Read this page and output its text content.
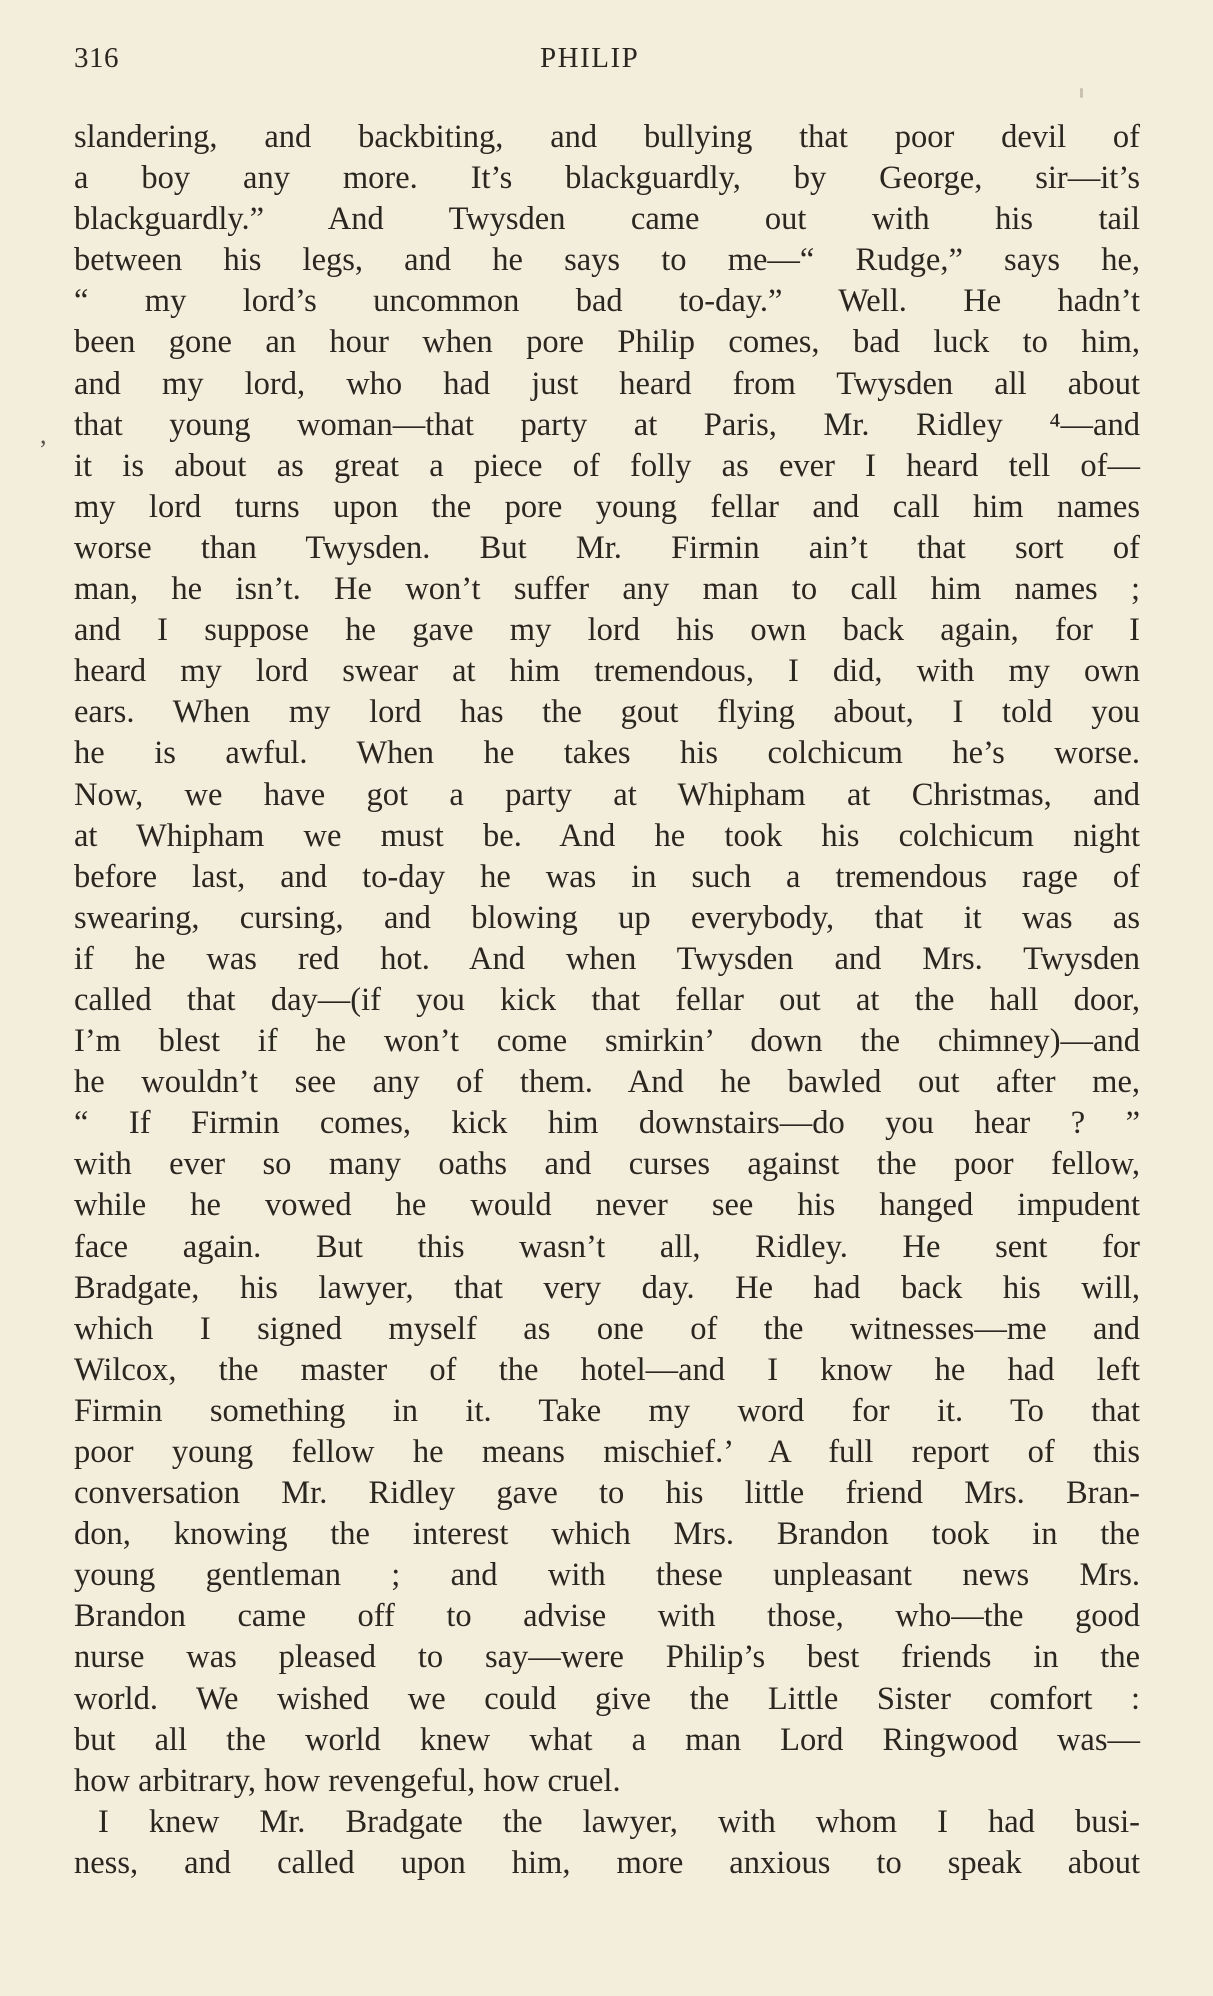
316	PHILIP
,
slandering, and backbiting, and bullying that poor devil of
a boy any more. It’s blackguardly, by George, sir—it’s
blackguardly.” And Twysden came out with his tail
between his legs, and he says to me—“ Rudge,” says he,
“ my lord’s uncommon bad to-day.” Well. He hadn’t
been gone an hour when pore Philip comes, bad luck to him,
and my lord, who had just heard from Twysden all about
that young woman—that party at Paris, Mr. Ridley ⁴—and
it is about as great a piece of folly as ever I heard tell of—
my lord turns upon the pore young fellar and call him names
worse than Twysden. But Mr. Firmin ain’t that sort of
man, he isn’t. He won’t suffer any man to call him names ;
and I suppose he gave my lord his own back again, for I
heard my lord swear at him tremendous, I did, with my own
ears. When my lord has the gout flying about, I told you
he is awful. When he takes his colchicum he’s worse.
Now, we have got a party at Whipham at Christmas, and
at Whipham we must be. And he took his colchicum night
before last, and to-day he was in such a tremendous rage of
swearing, cursing, and blowing up everybody, that it was as
if he was red hot. And when Twysden and Mrs. Twysden
called that day—(if you kick that fellar out at the hall door,
I’m blest if he won’t come smirkin’ down the chimney)—and
he wouldn’t see any of them. And he bawled out after me,
“ If Firmin comes, kick him downstairs—do you hear ? ”
with ever so many oaths and curses against the poor fellow,
while he vowed he would never see his hanged impudent
face again. But this wasn’t all, Ridley. He sent for
Bradgate, his lawyer, that very day. He had back his will,
which I signed myself as one of the witnesses—me and
Wilcox, the master of the hotel—and I know he had left
Firmin something in it. Take my word for it. To that
poor young fellow he means mischief.’ A full report of this
conversation Mr. Ridley gave to his little friend Mrs. Bran-
don, knowing the interest which Mrs. Brandon took in the
young gentleman ; and with these unpleasant news Mrs.
Brandon came off to advise with those, who—the good
nurse was pleased to say—were Philip’s best friends in the
world. We wished we could give the Little Sister comfort :
but all the world knew what a man Lord Ringwood was—
how arbitrary, how revengeful, how cruel.
I knew Mr. Bradgate the lawyer, with whom I had busi-
ness, and called upon him, more anxious to speak about
